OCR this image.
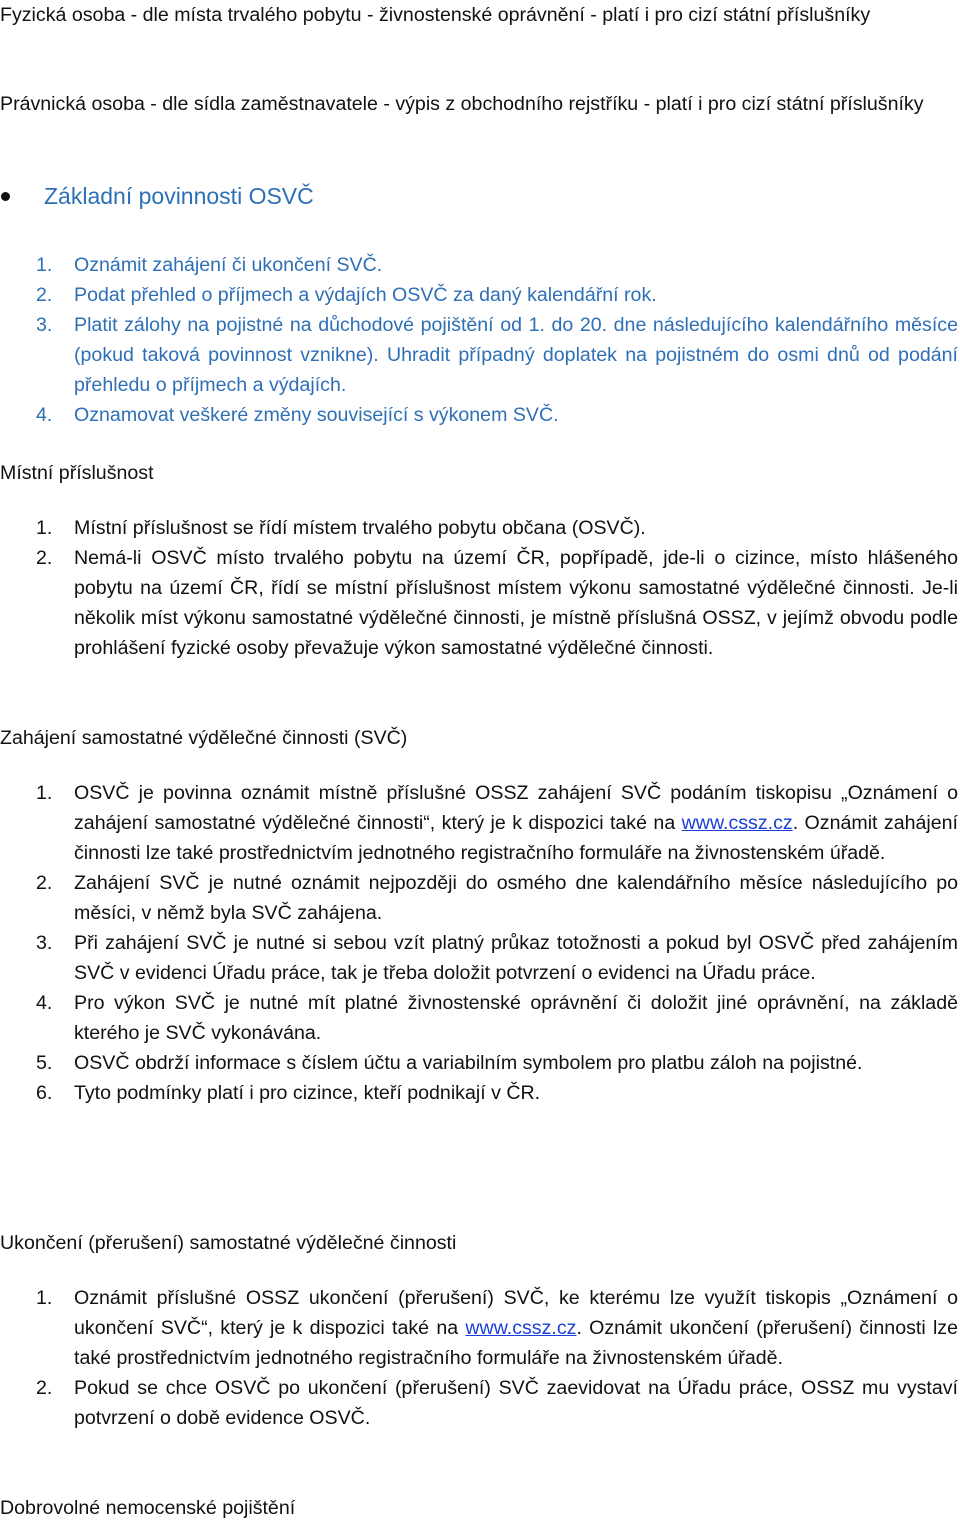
Fyzická osoba - dle místa trvalého pobytu - živnostenské oprávnění - platí i pro cizí státní příslušníky
Právnická osoba - dle sídla zaměstnavatele - výpis z obchodního rejstříku - platí i pro cizí státní příslušníky
Základní povinnosti OSVČ
1. Oznámit zahájení či ukončení SVČ.
2. Podat přehled o příjmech a výdajích OSVČ za daný kalendářní rok.
3. Platit zálohy na pojistné na důchodové pojištění od 1. do 20. dne následujícího kalendářního měsíce (pokud taková povinnost vznikne). Uhradit případný doplatek na pojistném do osmi dnů od podání přehledu o příjmech a výdajích.
4. Oznamovat veškeré změny související s výkonem SVČ.
Místní příslušnost
1. Místní příslušnost se řídí místem trvalého pobytu občana (OSVČ).
2. Nemá-li OSVČ místo trvalého pobytu na území ČR, popřípadě, jde-li o cizince, místo hlášeného pobytu na území ČR, řídí se místní příslušnost místem výkonu samostatné výdělečné činnosti. Je-li několik míst výkonu samostatné výdělečné činnosti, je místně příslušná OSSZ, v jejímž obvodu podle prohlášení fyzické osoby převažuje výkon samostatné výdělečné činnosti.
Zahájení samostatné výdělečné činnosti (SVČ)
1. OSVČ je povinna oznámit místně příslušné OSSZ zahájení SVČ podáním tiskopisu „Oznámení o zahájení samostatné výdělečné činnosti“, který je k dispozici také na www.cssz.cz. Oznámit zahájení činnosti lze také prostřednictvím jednotného registračního formuláře na živnostenském úřadě.
2. Zahájení SVČ je nutné oznámit nejpozději do osmého dne kalendářního měsíce následujícího po měsíci, v němž byla SVČ zahájena.
3. Při zahájení SVČ je nutné si sebou vzít platný průkaz totožnosti a pokud byl OSVČ před zahájením SVČ v evidenci Úřadu práce, tak je třeba doložit potvrzení o evidenci na Úřadu práce.
4. Pro výkon SVČ je nutné mít platné živnostenské oprávnění či doložit jiné oprávnění, na základě kterého je SVČ vykonávána.
5. OSVČ obdrží informace s číslem účtu a variabilním symbolem pro platbu záloh na pojistné.
6. Tyto podmínky platí i pro cizince, kteří podnikají v ČR.
Ukončení (přerušení) samostatné výdělečné činnosti
1. Oznámit příslušné OSSZ ukončení (přerušení) SVČ, ke kterému lze využít tiskopis „Oznámení o ukončení SVČ“, který je k dispozici také na www.cssz.cz. Oznámit ukončení (přerušení) činnosti lze také prostřednictvím jednotného registračního formuláře na živnostenském úřadě.
2. Pokud se chce OSVČ po ukončení (přerušení) SVČ zaevidovat na Úřadu práce, OSSZ mu vystaví potvrzení o době evidence OSVČ.
Dobrovolné nemocenské pojištění
